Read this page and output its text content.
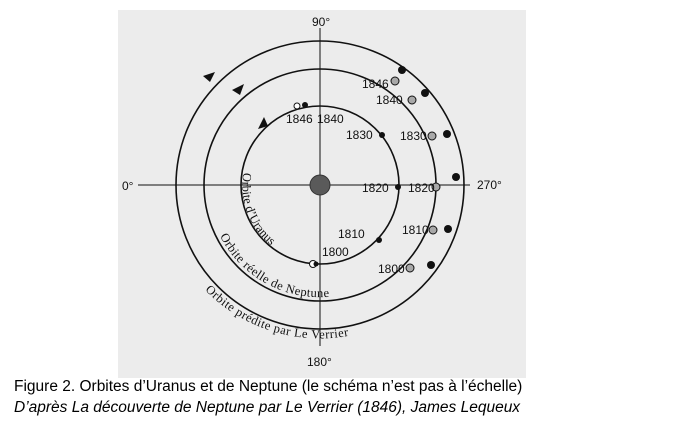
90°
0°	270°
180°
1846 1840
1830
1820
1810
1800
1846
1840
1830
1820
1810
1800
Orbite d’Uranus
Orbite réelle de Neptune
Orbite prédite par Le Verrier
Figure 2. Orbites d’Uranus et de Neptune (le schéma n’est pas à l’échelle)
D’après La découverte de Neptune par Le Verrier (1846), James Lequeux
